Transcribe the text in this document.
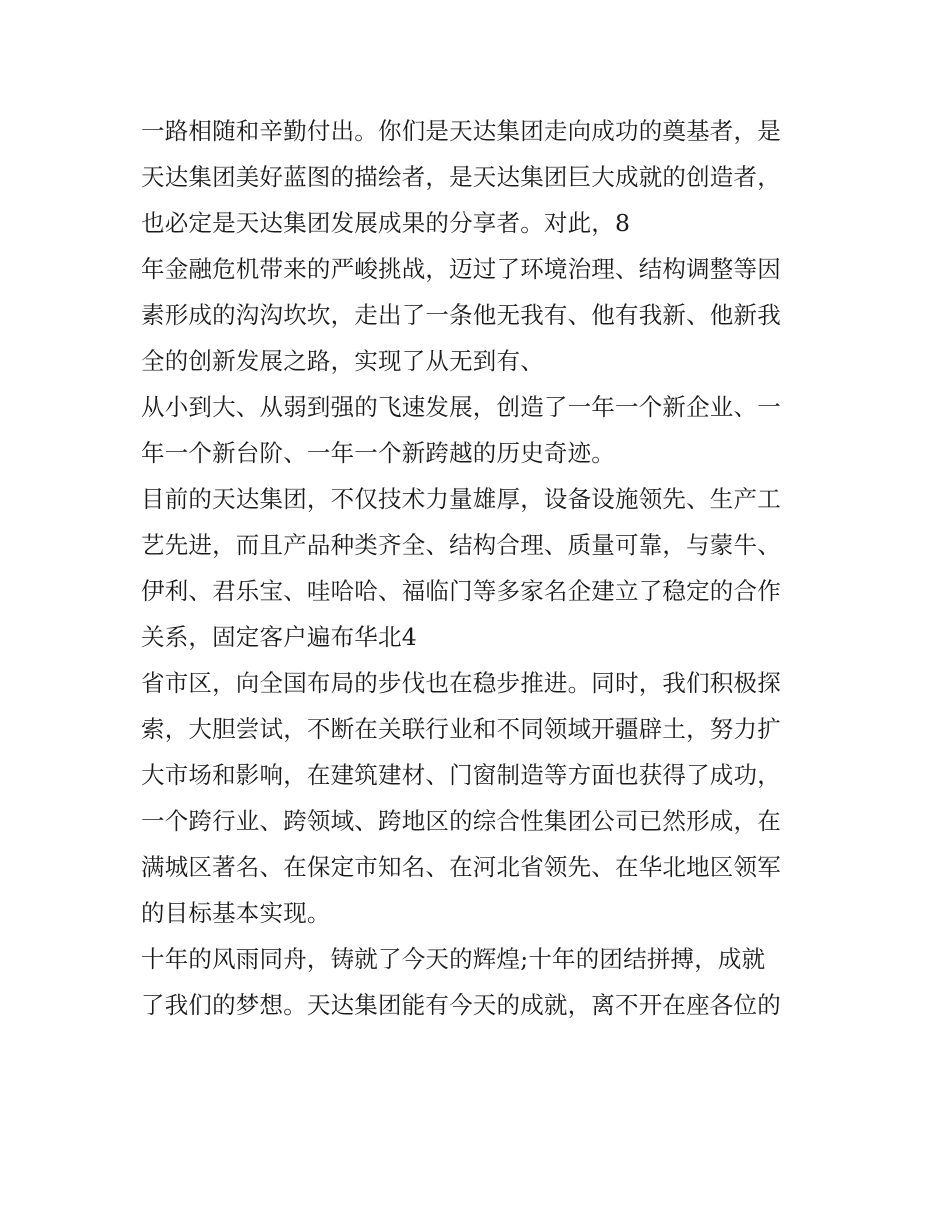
一路相随和辛勤付出。你们是天达集团走向成功的奠基者，是
天达集团美好蓝图的描绘者，是天达集团巨大成就的创造者，
也必定是天达集团发展成果的分享者。对此，8
年金融危机带来的严峻挑战，迈过了环境治理、结构调整等因
素形成的沟沟坎坎，走出了一条他无我有、他有我新、他新我
全的创新发展之路，实现了从无到有、
从小到大、从弱到强的飞速发展，创造了一年一个新企业、一
年一个新台阶、一年一个新跨越的历史奇迹。
目前的天达集团，不仅技术力量雄厚，设备设施领先、生产工
艺先进，而且产品种类齐全、结构合理、质量可靠，与蒙牛、
伊利、君乐宝、哇哈哈、福临门等多家名企建立了稳定的合作
关系，固定客户遍布华北4
省市区，向全国布局的步伐也在稳步推进。同时，我们积极探
索，大胆尝试，不断在关联行业和不同领域开疆辟土，努力扩
大市场和影响，在建筑建材、门窗制造等方面也获得了成功，
一个跨行业、跨领域、跨地区的综合性集团公司已然形成，在
满城区著名、在保定市知名、在河北省领先、在华北地区领军
的目标基本实现。
十年的风雨同舟，铸就了今天的辉煌;十年的团结拼搏，成就
了我们的梦想。天达集团能有今天的成就，离不开在座各位的
